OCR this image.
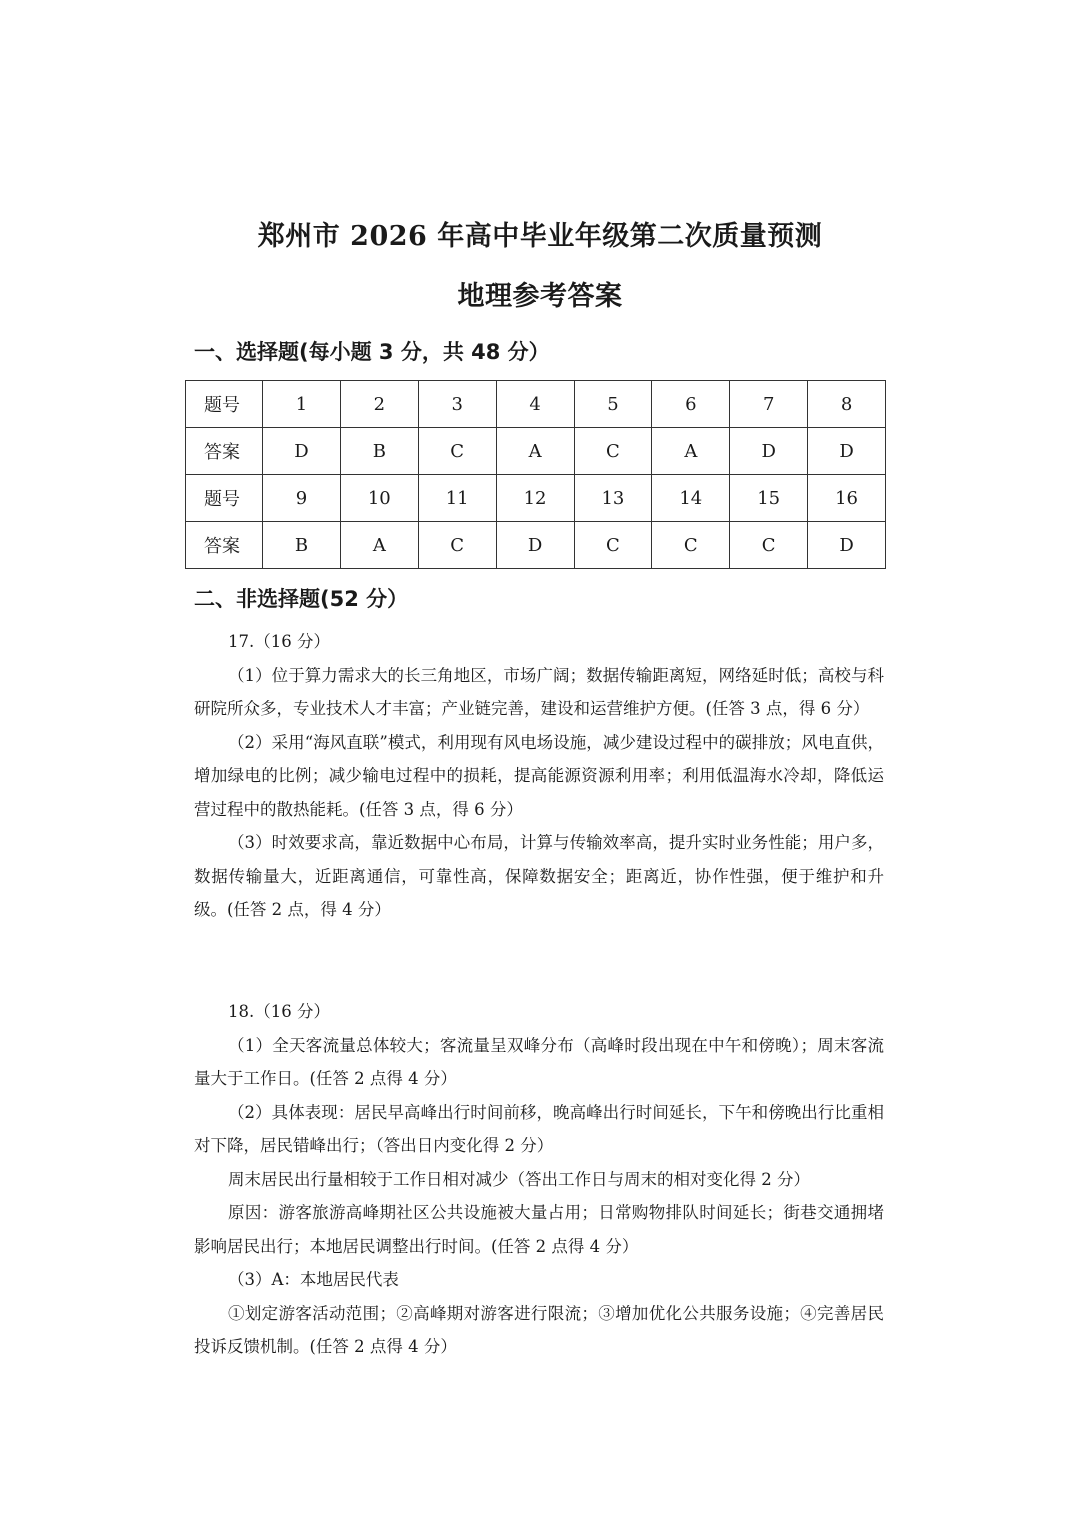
郑州市 2026 年高中毕业年级第二次质量预测
地理参考答案
一、选择题(每小题 3 分，共 48 分）
题号	1	2	3	4	5	6	7	8
答案	D	B	C	A	C	A	D	D
题号	9	10	11	12	13	14	15	16
答案	B	A	C	D	C	C	C	D
二、非选择题(52 分）

17.（16 分）

（1）位于算力需求大的长三角地区，市场广阔；数据传输距离短，网络延时低；高校与科研院所众多，专业技术人才丰富；产业链完善，建设和运营维护方便。(任答 3 点，得 6 分）

（2）采用“海风直联”模式，利用现有风电场设施，减少建设过程中的碳排放；风电直供，增加绿电的比例；减少输电过程中的损耗，提高能源资源利用率；利用低温海水冷却，降低运营过程中的散热能耗。(任答 3 点，得 6 分）

（3）时效要求高，靠近数据中心布局，计算与传输效率高，提升实时业务性能；用户多，数据传输量大，近距离通信，可靠性高，保障数据安全；距离近，协作性强，便于维护和升级。(任答 2 点，得 4 分）

18.（16 分）

（1）全天客流量总体较大；客流量呈双峰分布（高峰时段出现在中午和傍晚）；周末客流量大于工作日。(任答 2 点得 4 分）

（2）具体表现：居民早高峰出行时间前移，晚高峰出行时间延长，下午和傍晚出行比重相对下降，居民错峰出行；（答出日内变化得 2 分）

周末居民出行量相较于工作日相对减少（答出工作日与周末的相对变化得 2 分）

原因：游客旅游高峰期社区公共设施被大量占用；日常购物排队时间延长；街巷交通拥堵影响居民出行；本地居民调整出行时间。(任答 2 点得 4 分）

（3）A：本地居民代表

①划定游客活动范围；②高峰期对游客进行限流；③增加优化公共服务设施；④完善居民投诉反馈机制。(任答 2 点得 4 分）
